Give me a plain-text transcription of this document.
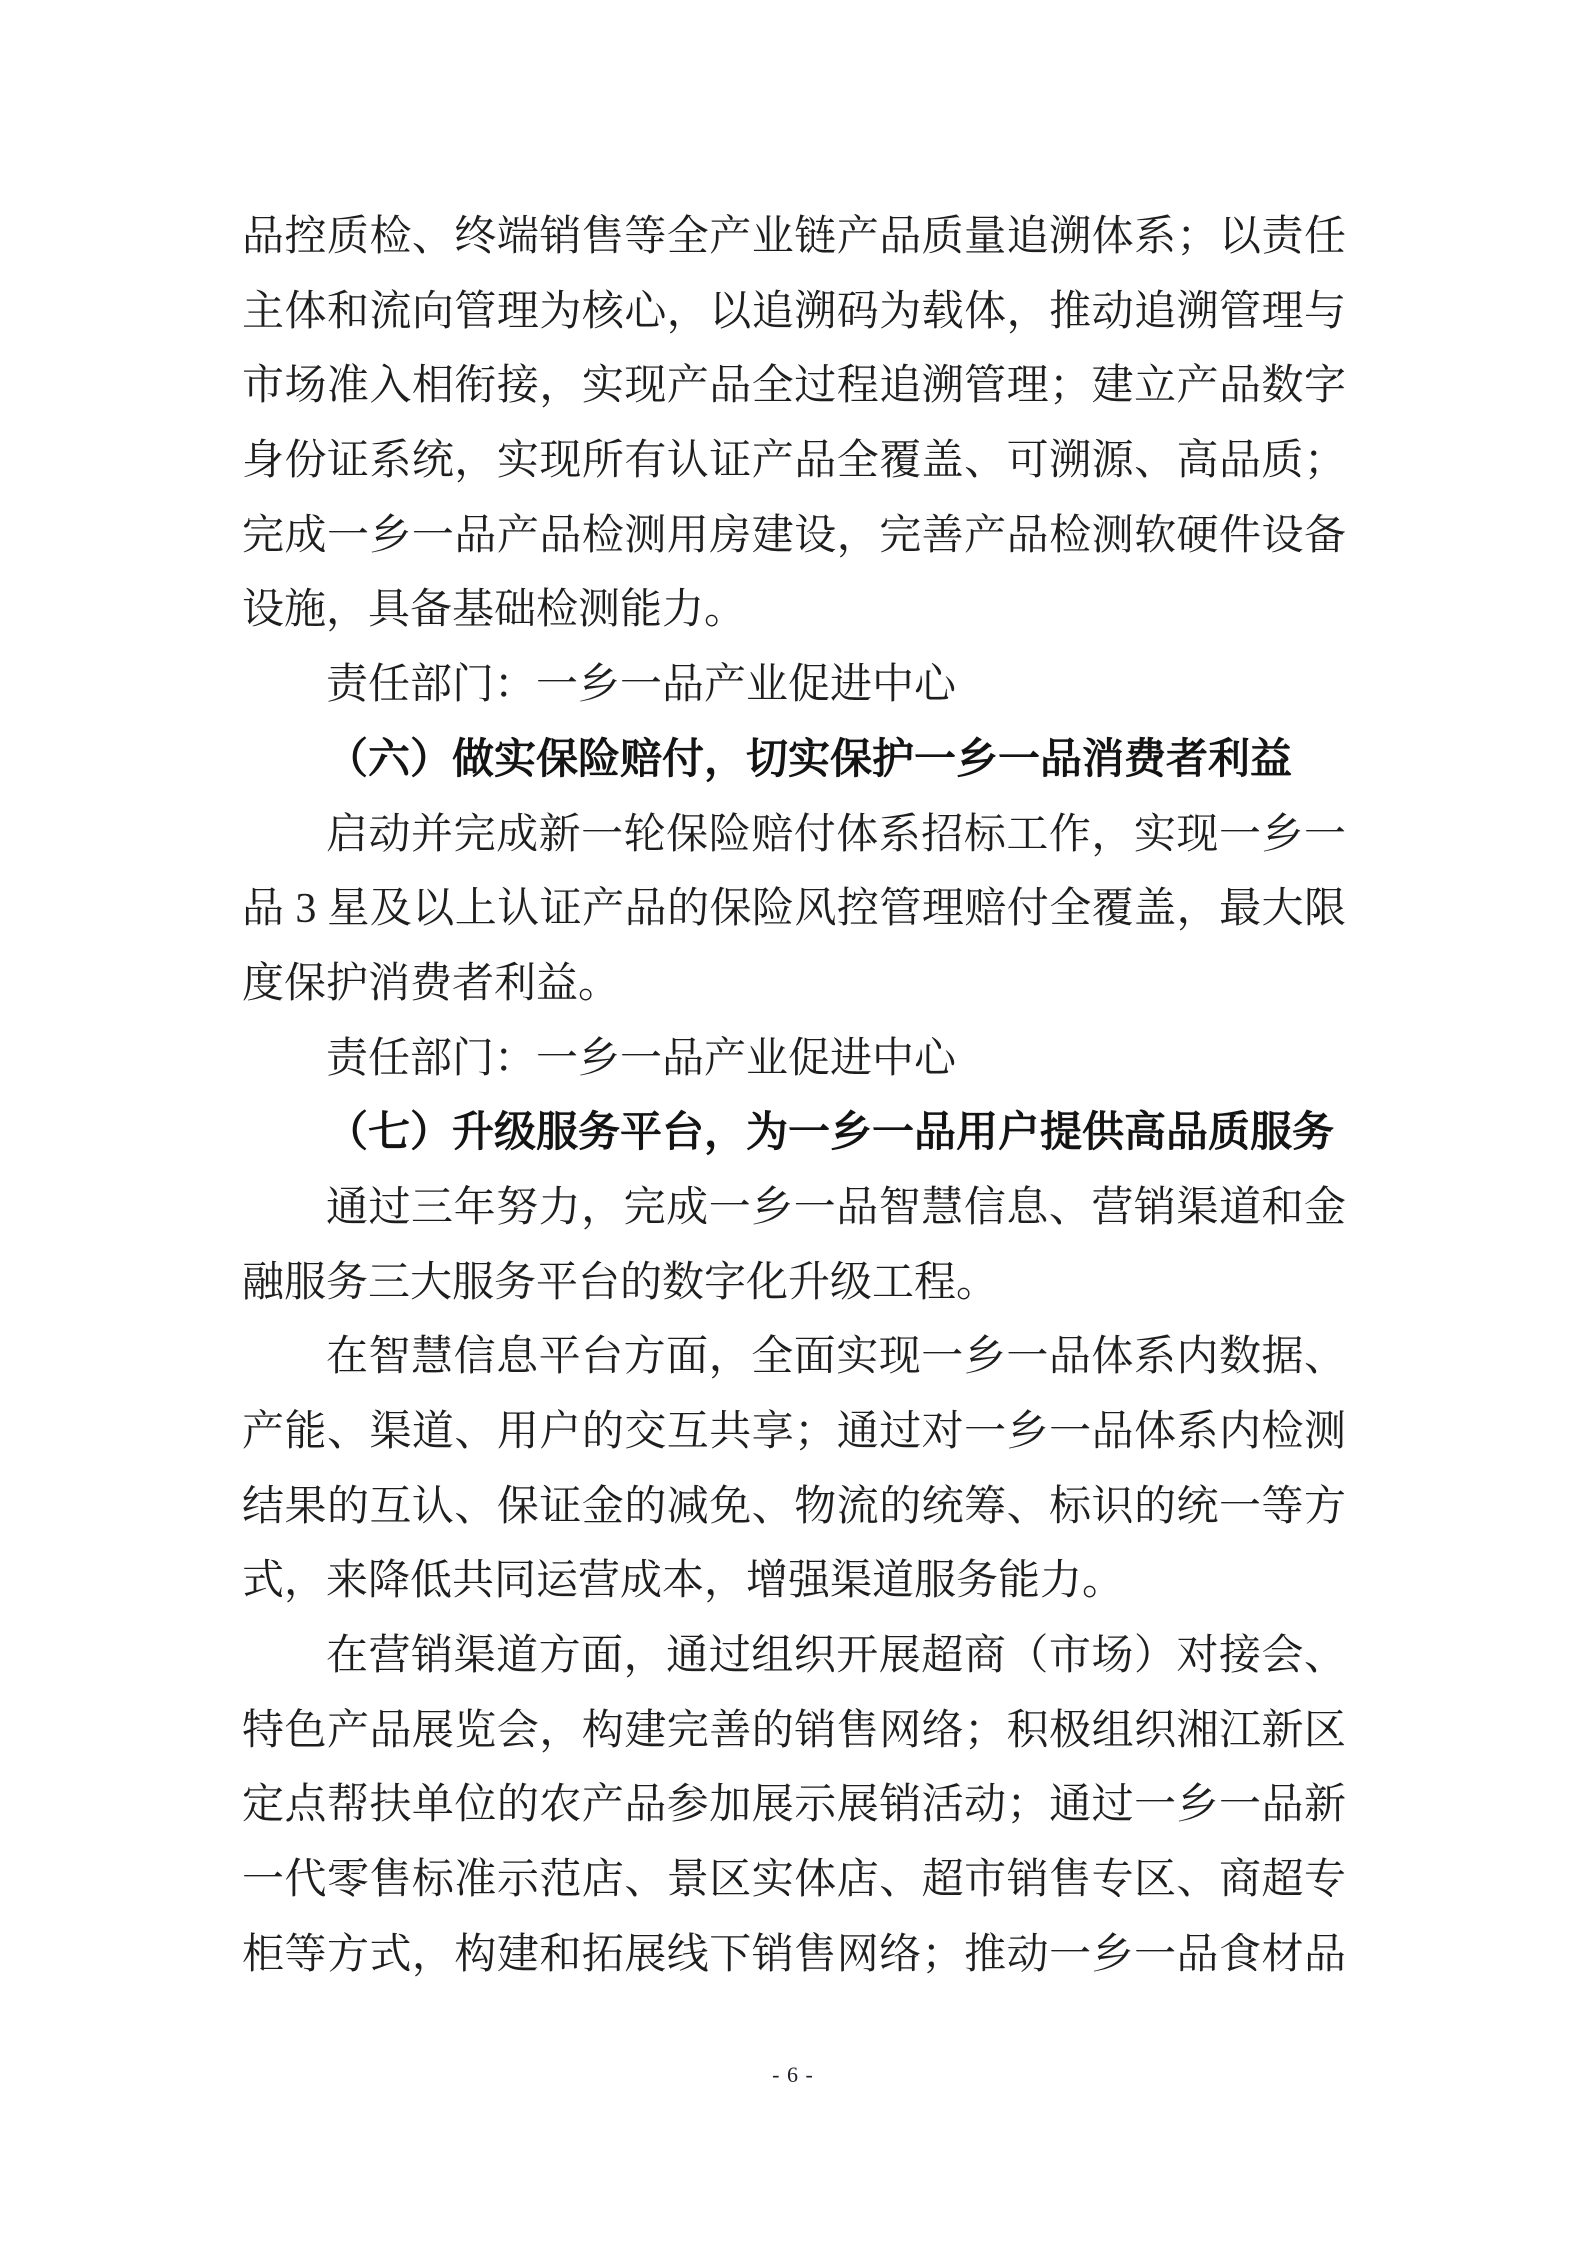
品控质检、终端销售等全产业链产品质量追溯体系；以责任
主体和流向管理为核心，以追溯码为载体，推动追溯管理与
市场准入相衔接，实现产品全过程追溯管理；建立产品数字
身份证系统，实现所有认证产品全覆盖、可溯源、高品质；
完成一乡一品产品检测用房建设，完善产品检测软硬件设备
设施，具备基础检测能力。
责任部门：一乡一品产业促进中心
（六）做实保险赔付，切实保护一乡一品消费者利益
启动并完成新一轮保险赔付体系招标工作，实现一乡一
品 3 星及以上认证产品的保险风控管理赔付全覆盖，最大限
度保护消费者利益。
责任部门：一乡一品产业促进中心
（七）升级服务平台，为一乡一品用户提供高品质服务
通过三年努力，完成一乡一品智慧信息、营销渠道和金
融服务三大服务平台的数字化升级工程。
在智慧信息平台方面，全面实现一乡一品体系内数据、
产能、渠道、用户的交互共享；通过对一乡一品体系内检测
结果的互认、保证金的减免、物流的统筹、标识的统一等方
式，来降低共同运营成本，增强渠道服务能力。
在营销渠道方面，通过组织开展超商（市场）对接会、
特色产品展览会，构建完善的销售网络；积极组织湘江新区
定点帮扶单位的农产品参加展示展销活动；通过一乡一品新
一代零售标准示范店、景区实体店、超市销售专区、商超专
柜等方式，构建和拓展线下销售网络；推动一乡一品食材品
- 6 -
